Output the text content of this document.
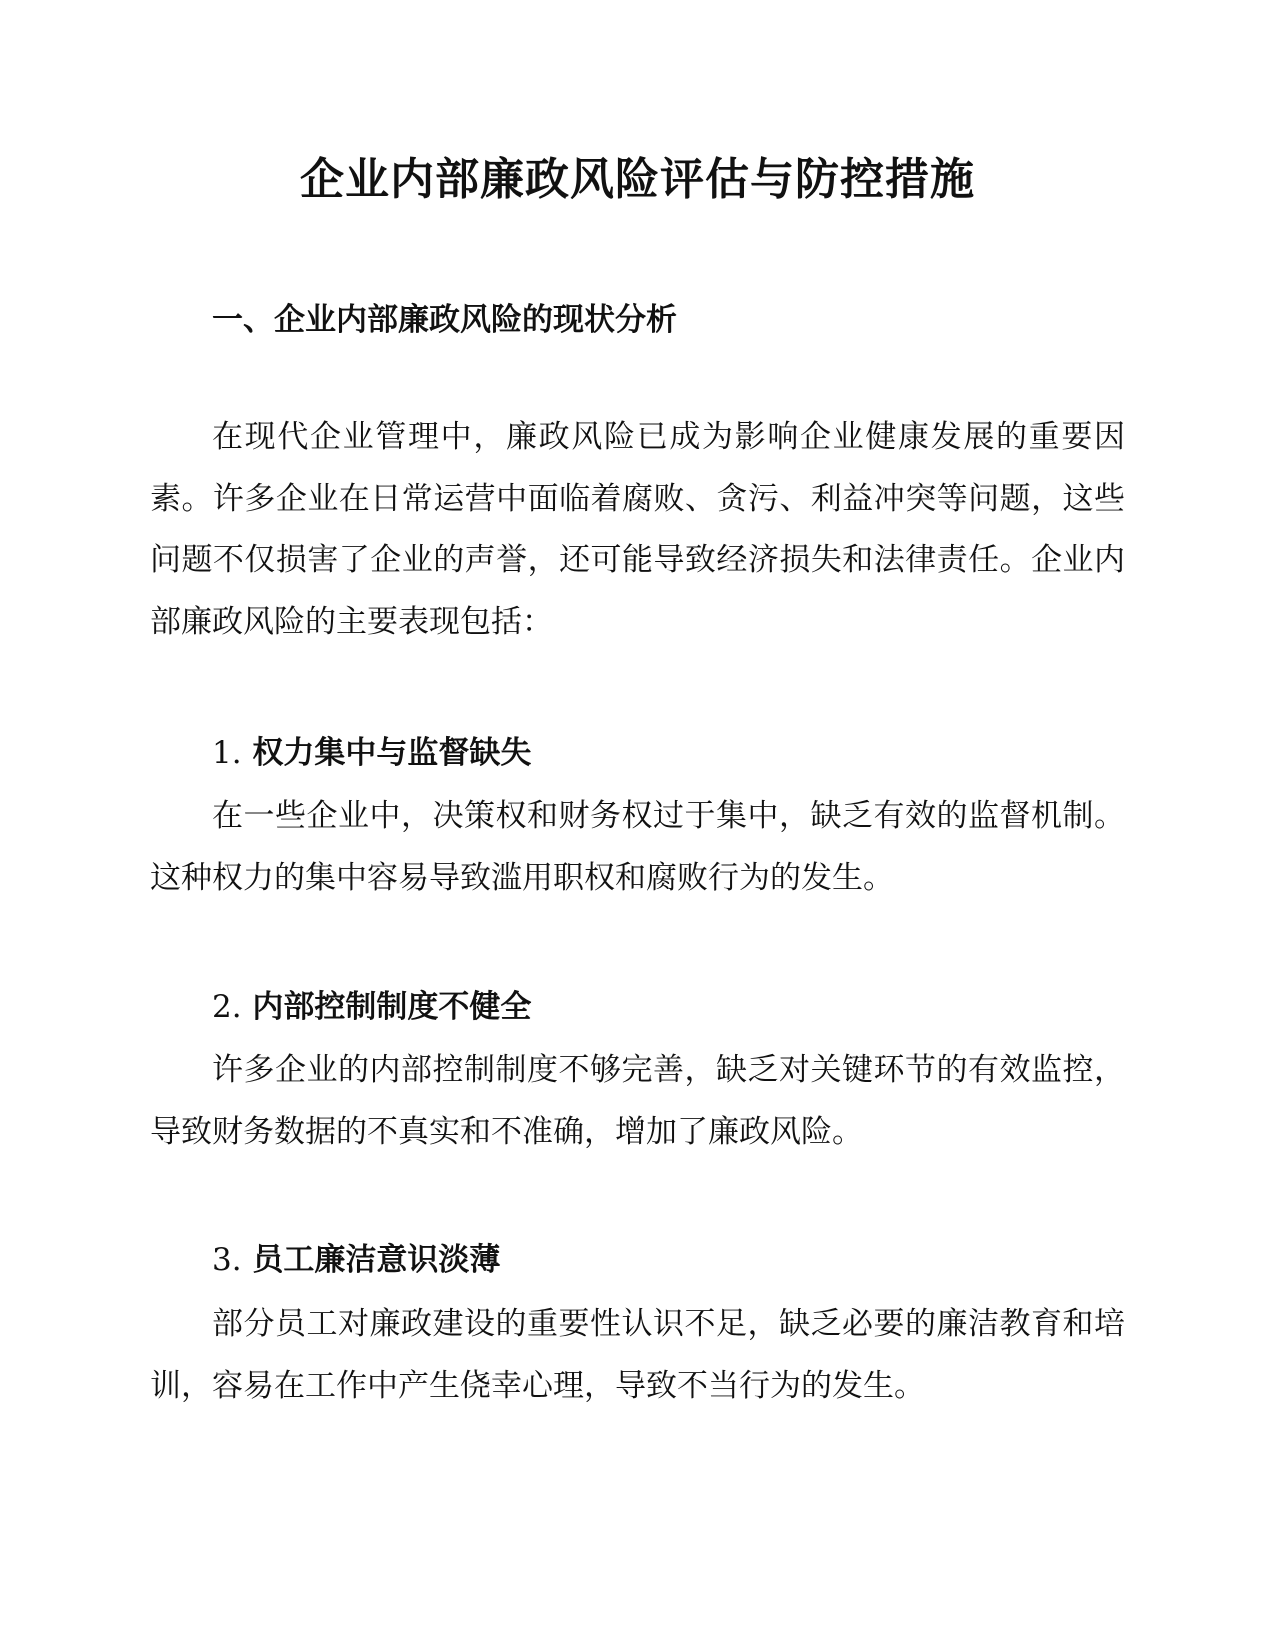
企业内部廉政风险评估与防控措施
一、企业内部廉政风险的现状分析

在现代企业管理中，廉政风险已成为影响企业健康发展的重要因素。许多企业在日常运营中面临着腐败、贪污、利益冲突等问题，这些问题不仅损害了企业的声誉，还可能导致经济损失和法律责任。企业内部廉政风险的主要表现包括：

1. 权力集中与监督缺失

在一些企业中，决策权和财务权过于集中，缺乏有效的监督机制。这种权力的集中容易导致滥用职权和腐败行为的发生。

2. 内部控制制度不健全

许多企业的内部控制制度不够完善，缺乏对关键环节的有效监控，导致财务数据的不真实和不准确，增加了廉政风险。

3. 员工廉洁意识淡薄

部分员工对廉政建设的重要性认识不足，缺乏必要的廉洁教育和培训，容易在工作中产生侥幸心理，导致不当行为的发生。
